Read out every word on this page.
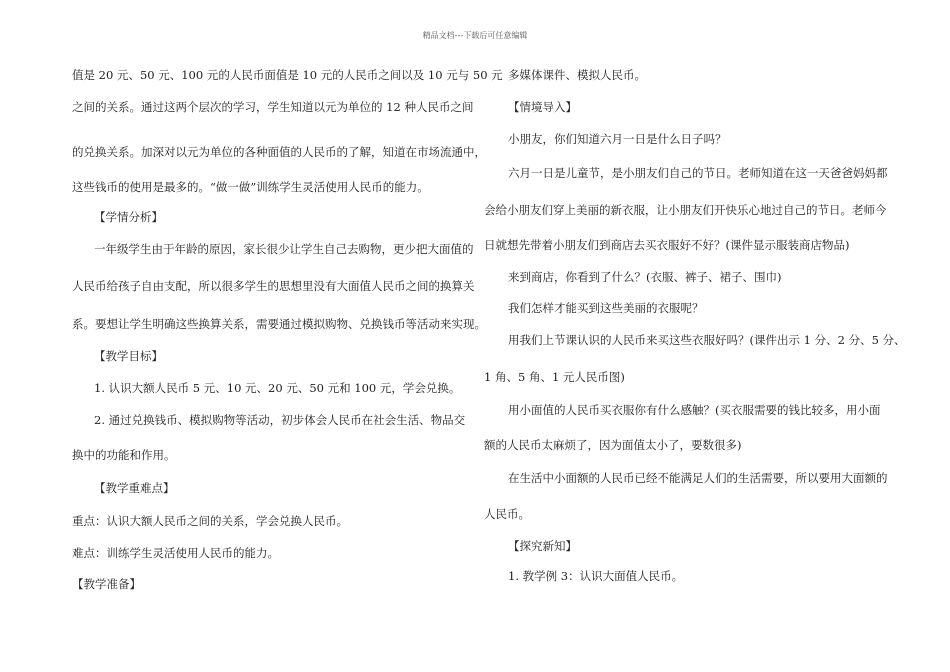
精品文档---下载后可任意编辑
值是 20 元、50 元、100 元的人民币面值是 10 元的人民币之间以及 10 元与 50 元
之间的关系。通过这两个层次的学习，学生知道以元为单位的 12 种人民币之间
的兑换关系。加深对以元为单位的各种面值的人民币的了解，知道在市场流通中，
这些钱币的使用是最多的。“做一做”训练学生灵活使用人民币的能力。
【学情分析】
一年级学生由于年龄的原因，家长很少让学生自己去购物，更少把大面值的
人民币给孩子自由支配，所以很多学生的思想里没有大面值人民币之间的换算关
系。要想让学生明确这些换算关系，需要通过模拟购物、兑换钱币等活动来实现。
【教学目标】
1. 认识大额人民币 5 元、10 元、20 元、50 元和 100 元，学会兑换。
2. 通过兑换钱币、模拟购物等活动，初步体会人民币在社会生活、物品交
换中的功能和作用。
【教学重难点】
重点：认识大额人民币之间的关系，学会兑换人民币。
难点：训练学生灵活使用人民币的能力。
【教学准备】
多媒体课件、模拟人民币。
【情境导入】
小朋友，你们知道六月一日是什么日子吗？
六月一日是儿童节，是小朋友们自己的节日。老师知道在这一天爸爸妈妈都
会给小朋友们穿上美丽的新衣服，让小朋友们开快乐心地过自己的节日。老师今
日就想先带着小朋友们到商店去买衣服好不好？(课件显示服装商店物品)
来到商店，你看到了什么？(衣服、裤子、裙子、围巾)
我们怎样才能买到这些美丽的衣服呢？
用我们上节课认识的人民币来买这些衣服好吗？(课件出示 1 分、2 分、5 分、
1 角、5 角、1 元人民币图)
用小面值的人民币买衣服你有什么感触？(买衣服需要的钱比较多，用小面
额的人民币太麻烦了，因为面值太小了，要数很多)
在生活中小面额的人民币已经不能满足人们的生活需要，所以要用大面额的
人民币。
【探究新知】
1. 教学例 3：认识大面值人民币。
